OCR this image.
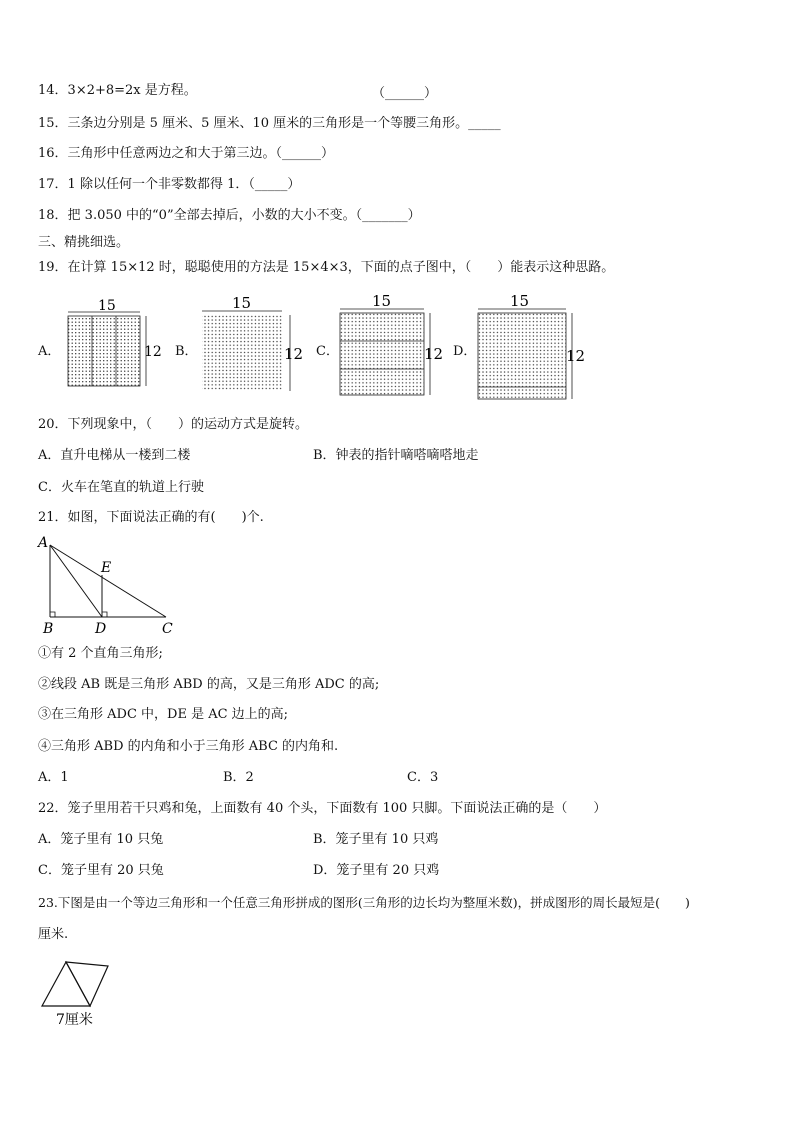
14．3×2+8=2x 是方程。	（______）
15．三条边分别是 5 厘米、5 厘米、10 厘米的三角形是一个等腰三角形。_____
16．三角形中任意两边之和大于第三边。（______）
17．1 除以任何一个非零数都得 1．（_____）
18．把 3.050 中的“0”全部去掉后，小数的大小不变。（_______）
三、精挑细选。
19．在计算 15×12 时，聪聪使用的方法是 15×4×3，下面的点子图中，（　　）能表示这种思路。
A．
15
12 B．
15
12 C．
15
12 D．
15
12
20．下列现象中，（　　）的运动方式是旋转。
A．直升电梯从一楼到二楼	B．钟表的指针嘀嗒嘀嗒地走
C．火车在笔直的轨道上行驶
21．如图，下面说法正确的有(　　)个.
A
E
B	D	C
①有 2 个直角三角形;
②线段 AB 既是三角形 ABD 的高，又是三角形 ADC 的高;
③在三角形 ADC 中，DE 是 AC 边上的高;
④三角形 ABD 的内角和小于三角形 ABC 的内角和.
A．1	B．2	C．3
22．笼子里用若干只鸡和兔，上面数有 40 个头，下面数有 100 只脚。下面说法正确的是（　　）
A．笼子里有 10 只兔	B．笼子里有 10 只鸡
C．笼子里有 20 只兔	D．笼子里有 20 只鸡
23.下图是由一个等边三角形和一个任意三角形拼成的图形(三角形的边长均为整厘米数)，拼成图形的周长最短是(　　)
厘米.
7厘米
